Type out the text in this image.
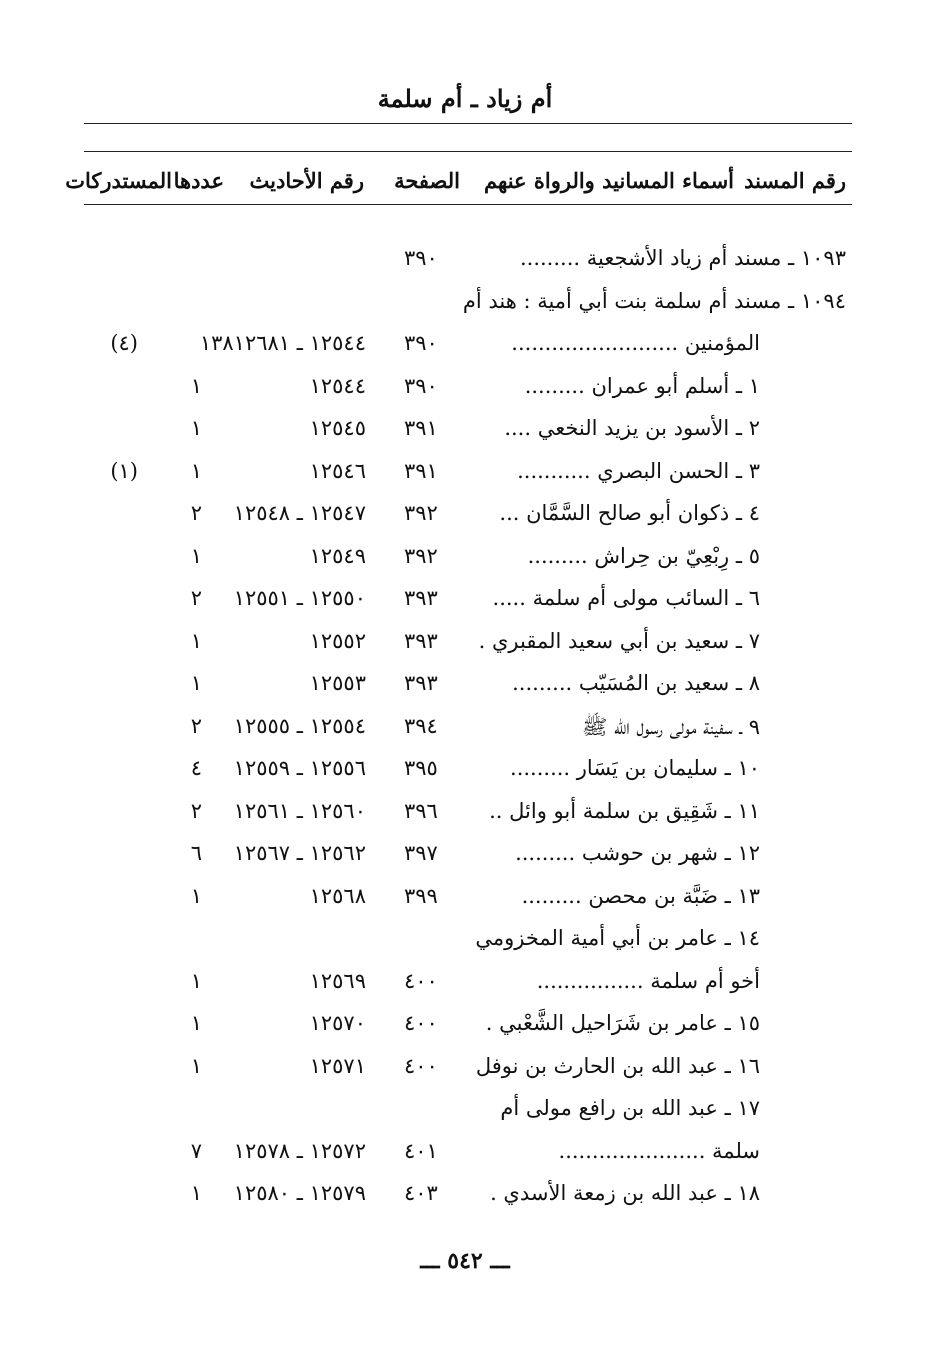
أم زياد ـ أم سلمة
رقم المسند
أسماء المسانيد والرواة عنهم
الصفحة
رقم الأحاديث
عددها
المستدركات
١٠٩٣ ـ مسند أم زياد الأشجعية .........
٣٩٠
١٠٩٤ ـ مسند أم سلمة بنت أبي أمية : هند أم
المؤمنين .........................
٣٩٠
١٢٥٤٤ ـ ١٣٨١٢٦٨١
(٤)
١ ـ أسلم أبو عمران .........
٣٩٠
١٢٥٤٤
١
٢ ـ الأسود بن يزيد النخعي ....
٣٩١
١٢٥٤٥
١
٣ ـ الحسن البصري ...........
٣٩١
١٢٥٤٦
١
(١)
٤ ـ ذكوان أبو صالح السَّمَّان ...
٣٩٢
١٢٥٤٧ ـ ١٢٥٤٨
٢
٥ ـ رِبْعِيّ بن حِراش .........
٣٩٢
١٢٥٤٩
١
٦ ـ السائب مولى أم سلمة .....
٣٩٣
١٢٥٥٠ ـ ١٢٥٥١
٢
٧ ـ سعيد بن أبي سعيد المقبري .
٣٩٣
١٢٥٥٢
١
٨ ـ سعيد بن المُسَيّب .........
٣٩٣
١٢٥٥٣
١
٩ ـ سفينة مولى رسول الله ﷺ
٣٩٤
١٢٥٥٤ ـ ١٢٥٥٥
٢
١٠ ـ سليمان بن يَسَار .........
٣٩٥
١٢٥٥٦ ـ ١٢٥٥٩
٤
١١ ـ شَقِيق بن سلمة أبو وائل ..
٣٩٦
١٢٥٦٠ ـ ١٢٥٦١
٢
١٢ ـ شهر بن حوشب .........
٣٩٧
١٢٥٦٢ ـ ١٢٥٦٧
٦
١٣ ـ ضَبَّة بن محصن .........
٣٩٩
١٢٥٦٨
١
١٤ ـ عامر بن أبي أمية المخزومي
أخو أم سلمة ................
٤٠٠
١٢٥٦٩
١
١٥ ـ عامر بن شَرَاحيل الشَّعْبي .
٤٠٠
١٢٥٧٠
١
١٦ ـ عبد الله بن الحارث بن نوفل
٤٠٠
١٢٥٧١
١
١٧ ـ عبد الله بن رافع مولى أم
سلمة ......................
٤٠١
١٢٥٧٢ ـ ١٢٥٧٨
٧
١٨ ـ عبد الله بن زمعة الأسدي .
٤٠٣
١٢٥٧٩ ـ ١٢٥٨٠
١
ـــ ٥٤٢ ـــ
